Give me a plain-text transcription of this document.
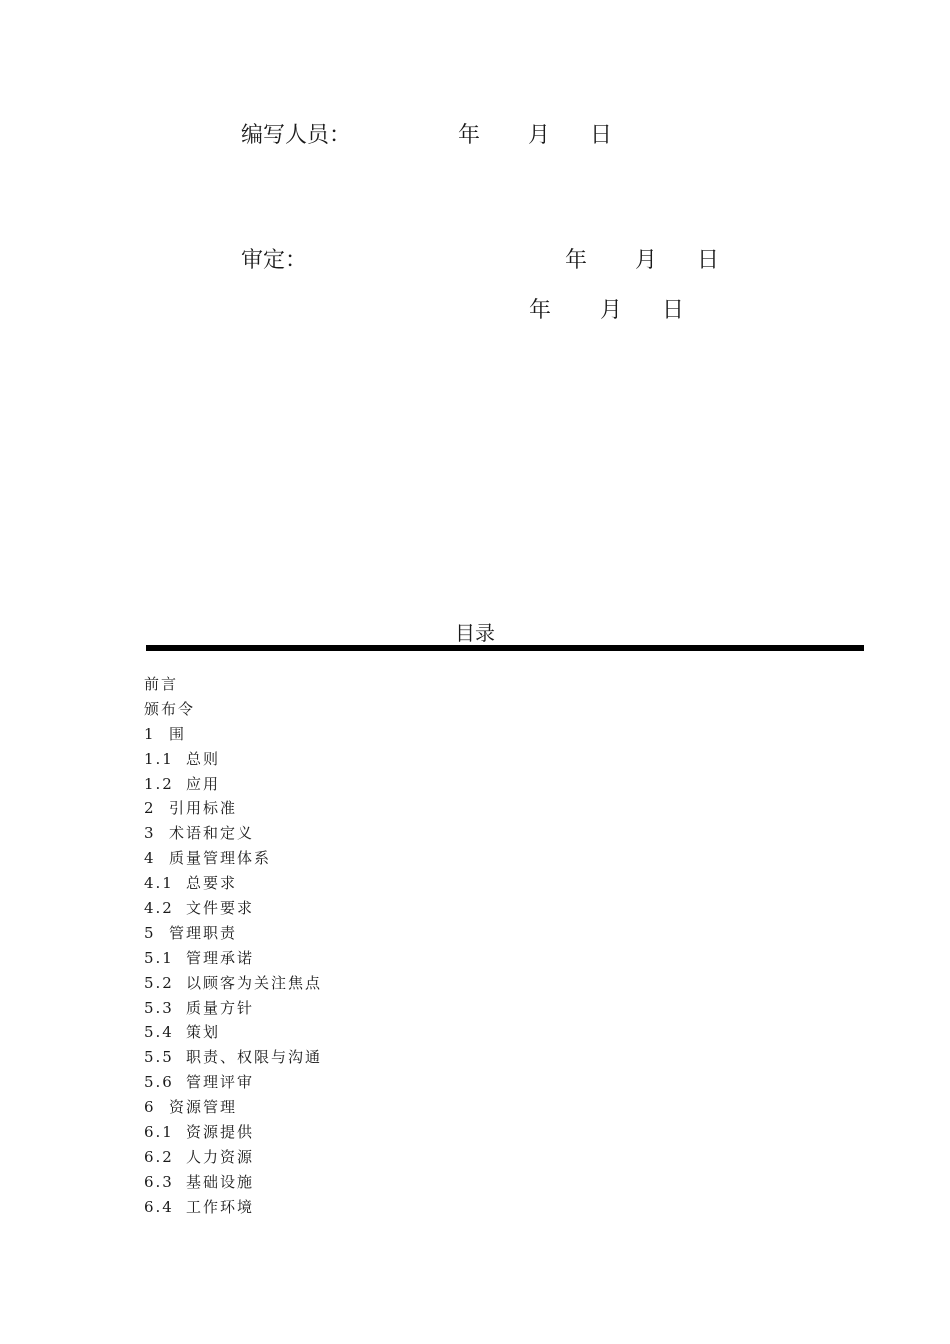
编写人员：	年 月 日
审定：	年 月 日
年 月 日
目录
前言
颁布令
1 围
1.1 总则
1.2 应用
2 引用标准
3 术语和定义
4 质量管理体系
4.1 总要求
4.2 文件要求
5 管理职责
5.1 管理承诺
5.2 以顾客为关注焦点
5.3 质量方针
5.4 策划
5.5 职责、权限与沟通
5.6 管理评审
6 资源管理
6.1 资源提供
6.2 人力资源
6.3 基础设施
6.4 工作环境
